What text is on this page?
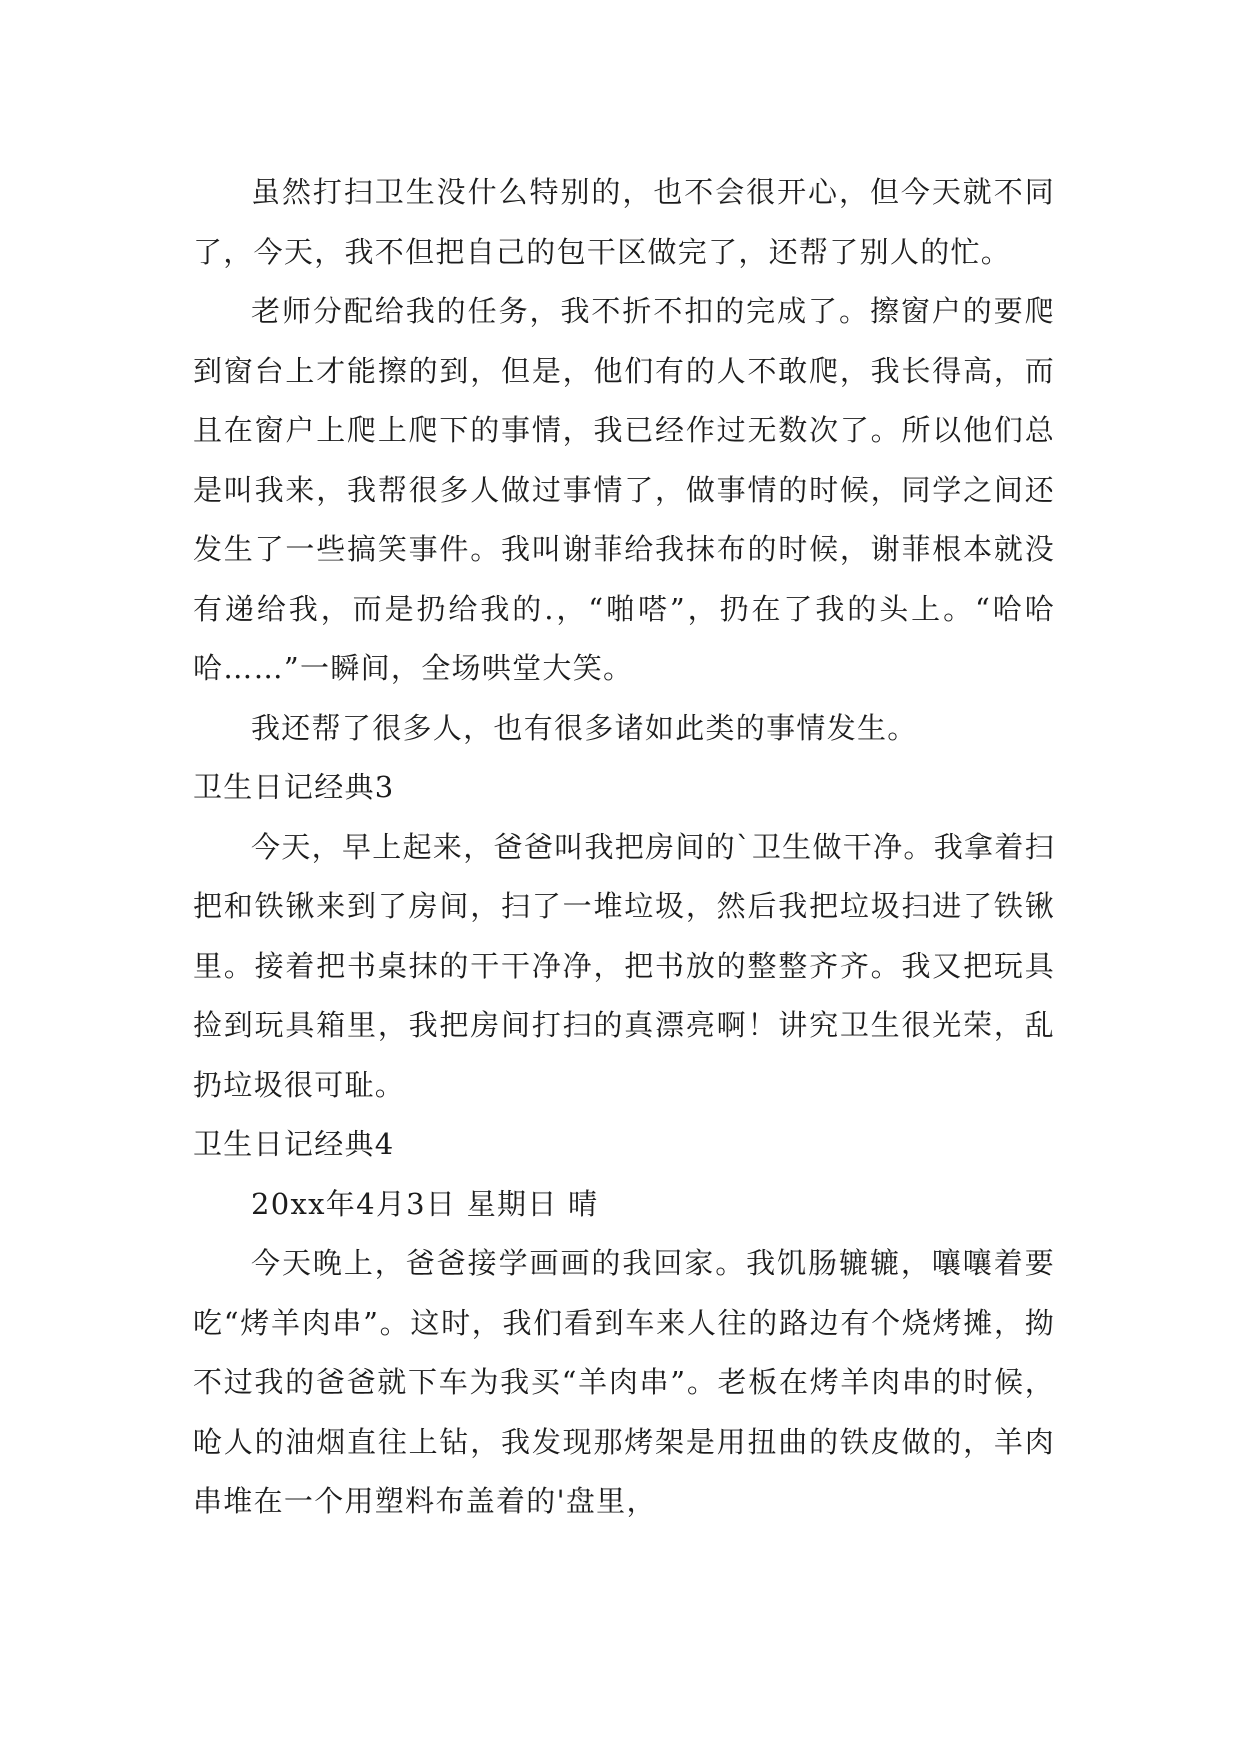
虽然打扫卫生没什么特别的，也不会很开心，但今天就不同了，今天，我不但把自己的包干区做完了，还帮了别人的忙。

老师分配给我的任务，我不折不扣的完成了。擦窗户的要爬到窗台上才能擦的到，但是，他们有的人不敢爬，我长得高，而且在窗户上爬上爬下的事情，我已经作过无数次了。所以他们总是叫我来，我帮很多人做过事情了，做事情的时候，同学之间还发生了一些搞笑事件。我叫谢菲给我抹布的时候，谢菲根本就没有递给我，而是扔给我的.，“啪嗒”，扔在了我的头上。“哈哈哈……”一瞬间，全场哄堂大笑。

我还帮了很多人，也有很多诸如此类的事情发生。

卫生日记经典3

今天，早上起来，爸爸叫我把房间的`卫生做干净。我拿着扫把和铁锹来到了房间，扫了一堆垃圾，然后我把垃圾扫进了铁锹里。接着把书桌抹的干干净净，把书放的整整齐齐。我又把玩具捡到玩具箱里，我把房间打扫的真漂亮啊！讲究卫生很光荣，乱扔垃圾很可耻。

卫生日记经典4

20xx年4月3日 星期日 晴

今天晚上，爸爸接学画画的我回家。我饥肠辘辘，嚷嚷着要吃“烤羊肉串”。这时，我们看到车来人往的路边有个烧烤摊，拗不过我的爸爸就下车为我买“羊肉串”。老板在烤羊肉串的时候，呛人的油烟直往上钻，我发现那烤架是用扭曲的铁皮做的，羊肉串堆在一个用塑料布盖着的'盘里，
